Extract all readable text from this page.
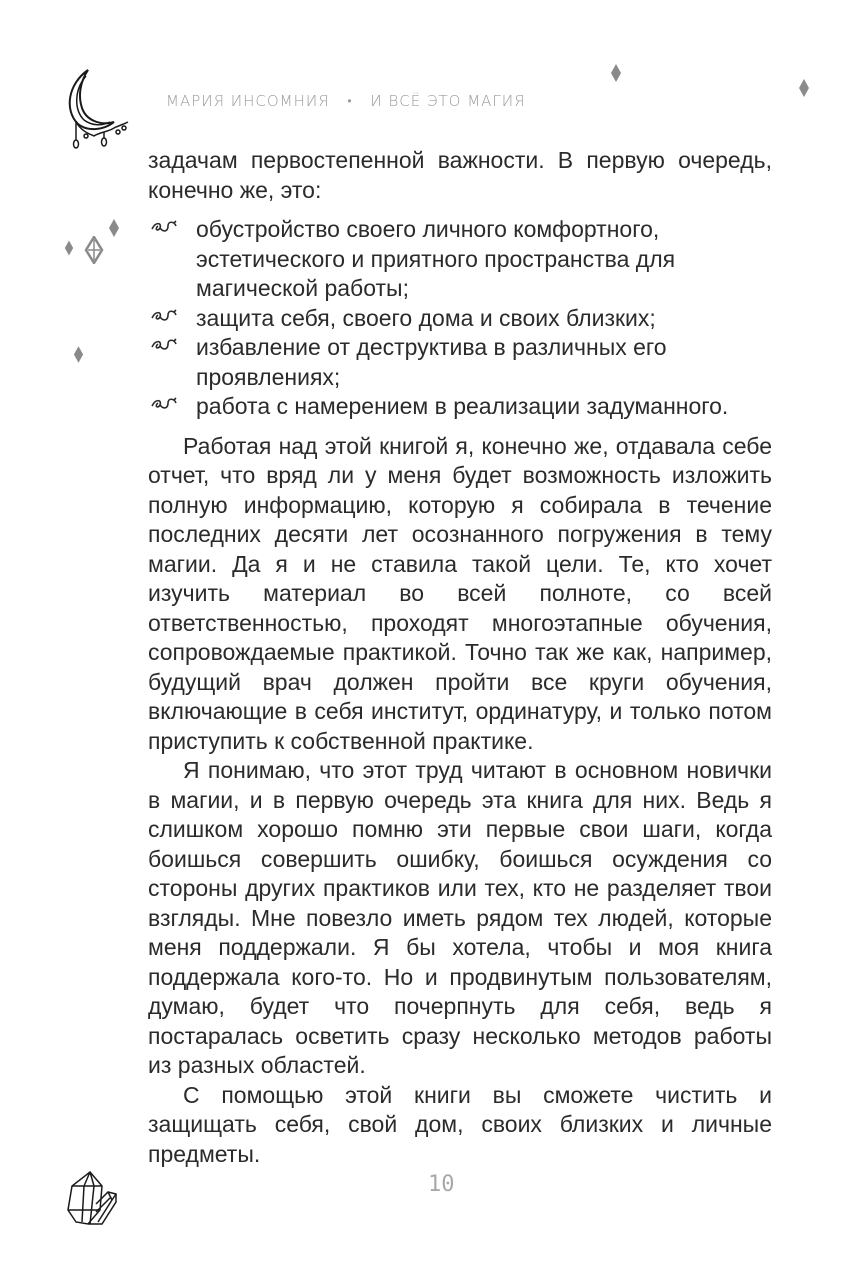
МАРИЯ ИНСОМНИЯ • И ВСЁ ЭТО МАГИЯ

задачам первостепенной важности. В первую очередь, конечно же, это:

обустройство своего личного комфортного, эстетического и приятного пространства для магической работы;
защита себя, своего дома и своих близких;
избавление от деструктива в различных его проявлениях;
работа с намерением в реализации задуманного.

Работая над этой книгой я, конечно же, отдавала себе отчет, что вряд ли у меня будет возможность изложить полную информацию, которую я собирала в течение последних десяти лет осознанного погружения в тему магии. Да я и не ставила такой цели. Те, кто хочет изучить материал во всей полноте, со всей ответственностью, проходят многоэтапные обучения, сопровождаемые практикой. Точно так же как, например, будущий врач должен пройти все круги обучения, включающие в себя институт, ординатуру, и только потом приступить к собственной практике.

Я понимаю, что этот труд читают в основном новички в магии, и в первую очередь эта книга для них. Ведь я слишком хорошо помню эти первые свои шаги, когда боишься совершить ошибку, боишься осуждения со стороны других практиков или тех, кто не разделяет твои взгляды. Мне повезло иметь рядом тех людей, которые меня поддержали. Я бы хотела, чтобы и моя книга поддержала кого-то. Но и продвинутым пользователям, думаю, будет что почерпнуть для себя, ведь я постаралась осветить сразу несколько методов работы из разных областей.

С помощью этой книги вы сможете чистить и защищать себя, свой дом, своих близких и личные предметы.

10
